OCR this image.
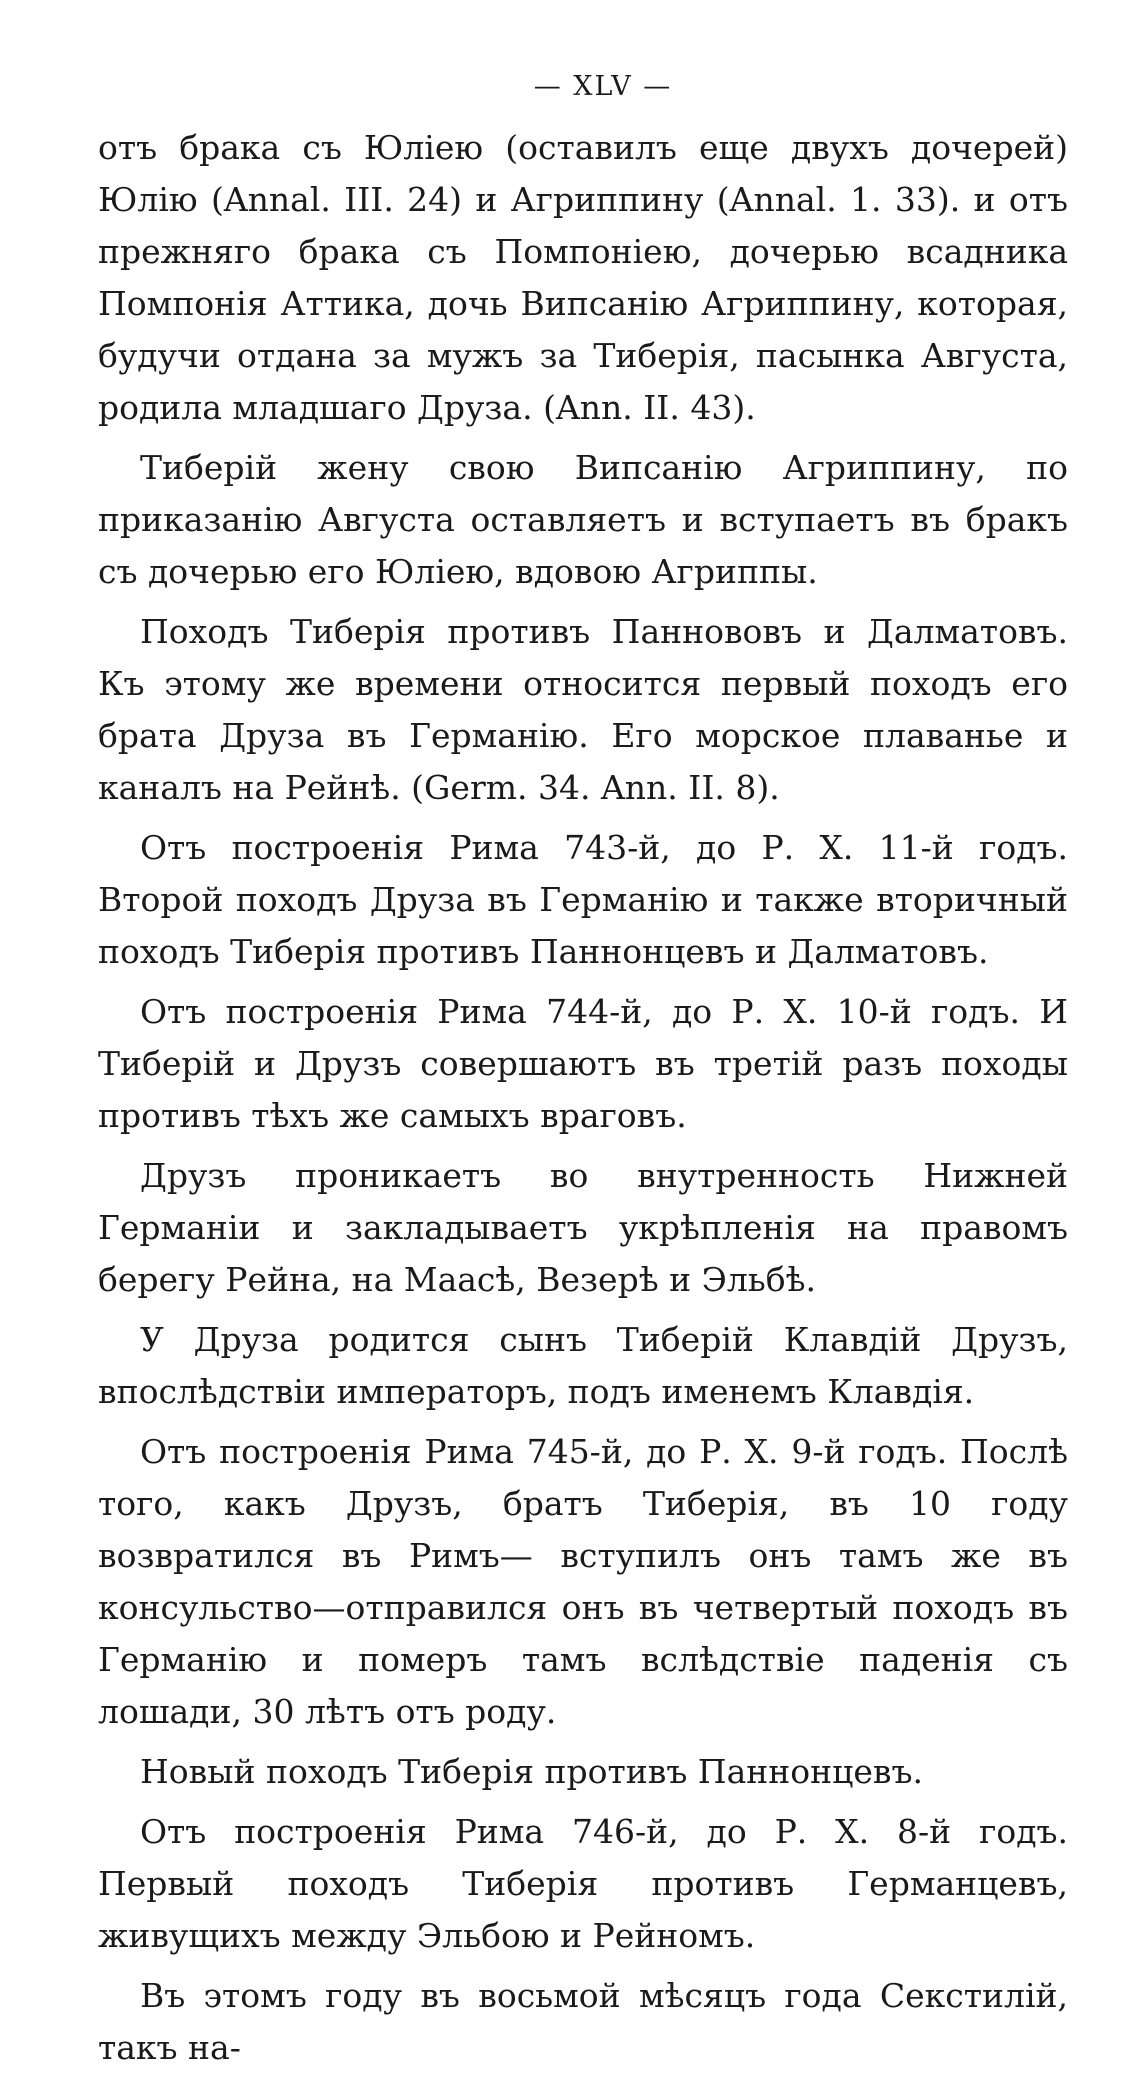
— XLV —

отъ брака съ Юліею (оставилъ еще двухъ дочерей) Юлію (Annal. III. 24) и Агриппину (Annal. 1. 33). и отъ прежняго брака съ Помпоніею, дочерью всадника Помпонія Аттика, дочь Випсанію Агриппину, которая, будучи отдана за мужъ за Тиберія, пасынка Августа, родила младшаго Друза. (Ann. II. 43).

Тиберій жену свою Випсанію Агриппину, по приказанію Августа оставляетъ и вступаетъ въ бракъ съ дочерью его Юліею, вдовою Агриппы.

Походъ Тиберія противъ Паннововъ и Далматовъ. Къ этому же времени относится первый походъ его брата Друза въ Германію. Его морское плаванье и каналъ на Рейнѣ. (Germ. 34. Ann. II. 8).

Отъ построенія Рима 743-й, до Р. Х. 11-й годъ. Второй походъ Друза въ Германію и также вторичный походъ Тиберія противъ Паннонцевъ и Далматовъ.

Отъ построенія Рима 744-й, до Р. Х. 10-й годъ. И Тиберій и Друзъ совершаютъ въ третій разъ походы противъ тѣхъ же самыхъ враговъ.

Друзъ проникаетъ во внутренность Нижней Германіи и закладываетъ укрѣпленія на правомъ берегу Рейна, на Маасѣ, Везерѣ и Эльбѣ.

У Друза родится сынъ Тиберій Клавдій Друзъ, впослѣдствіи императоръ, подъ именемъ Клавдія.

Отъ построенія Рима 745-й, до Р. Х. 9-й годъ. Послѣ того, какъ Друзъ, братъ Тиберія, въ 10 году возвратился въ Римъ— вступилъ онъ тамъ же въ консульство—отправился онъ въ четвертый походъ въ Германію и померъ тамъ вслѣдствіе паденія съ лошади, 30 лѣтъ отъ роду.

Новый походъ Тиберія противъ Паннонцевъ.

Отъ построенія Рима 746-й, до Р. Х. 8-й годъ. Первый походъ Тиберія противъ Германцевъ, живущихъ между Эльбою и Рейномъ.

Въ этомъ году въ восьмой мѣсяцъ года Секстилій, такъ на-
